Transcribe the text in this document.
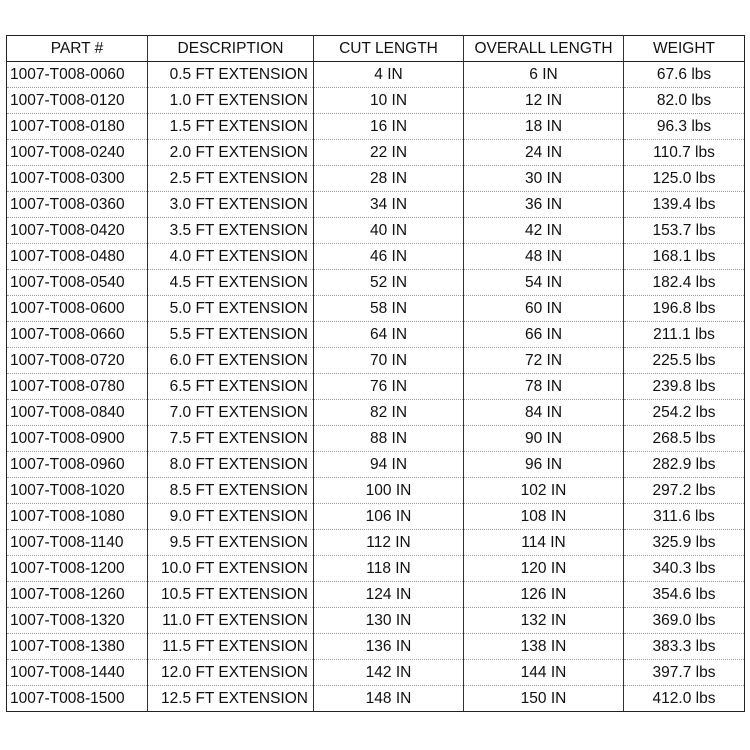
PART #	DESCRIPTION	CUT LENGTH	OVERALL LENGTH	WEIGHT
1007-T008-0060	0.5 FT EXTENSION	4 IN	6 IN	67.6 lbs
1007-T008-0120	1.0 FT EXTENSION	10 IN	12 IN	82.0 lbs
1007-T008-0180	1.5 FT EXTENSION	16 IN	18 IN	96.3 lbs
1007-T008-0240	2.0 FT EXTENSION	22 IN	24 IN	110.7 lbs
1007-T008-0300	2.5 FT EXTENSION	28 IN	30 IN	125.0 lbs
1007-T008-0360	3.0 FT EXTENSION	34 IN	36 IN	139.4 lbs
1007-T008-0420	3.5 FT EXTENSION	40 IN	42 IN	153.7 lbs
1007-T008-0480	4.0 FT EXTENSION	46 IN	48 IN	168.1 lbs
1007-T008-0540	4.5 FT EXTENSION	52 IN	54 IN	182.4 lbs
1007-T008-0600	5.0 FT EXTENSION	58 IN	60 IN	196.8 lbs
1007-T008-0660	5.5 FT EXTENSION	64 IN	66 IN	211.1 lbs
1007-T008-0720	6.0 FT EXTENSION	70 IN	72 IN	225.5 lbs
1007-T008-0780	6.5 FT EXTENSION	76 IN	78 IN	239.8 lbs
1007-T008-0840	7.0 FT EXTENSION	82 IN	84 IN	254.2 lbs
1007-T008-0900	7.5 FT EXTENSION	88 IN	90 IN	268.5 lbs
1007-T008-0960	8.0 FT EXTENSION	94 IN	96 IN	282.9 lbs
1007-T008-1020	8.5 FT EXTENSION	100 IN	102 IN	297.2 lbs
1007-T008-1080	9.0 FT EXTENSION	106 IN	108 IN	311.6 lbs
1007-T008-1140	9.5 FT EXTENSION	112 IN	114 IN	325.9 lbs
1007-T008-1200	10.0 FT EXTENSION	118 IN	120 IN	340.3 lbs
1007-T008-1260	10.5 FT EXTENSION	124 IN	126 IN	354.6 lbs
1007-T008-1320	11.0 FT EXTENSION	130 IN	132 IN	369.0 lbs
1007-T008-1380	11.5 FT EXTENSION	136 IN	138 IN	383.3 lbs
1007-T008-1440	12.0 FT EXTENSION	142 IN	144 IN	397.7 lbs
1007-T008-1500	12.5 FT EXTENSION	148 IN	150 IN	412.0 lbs
